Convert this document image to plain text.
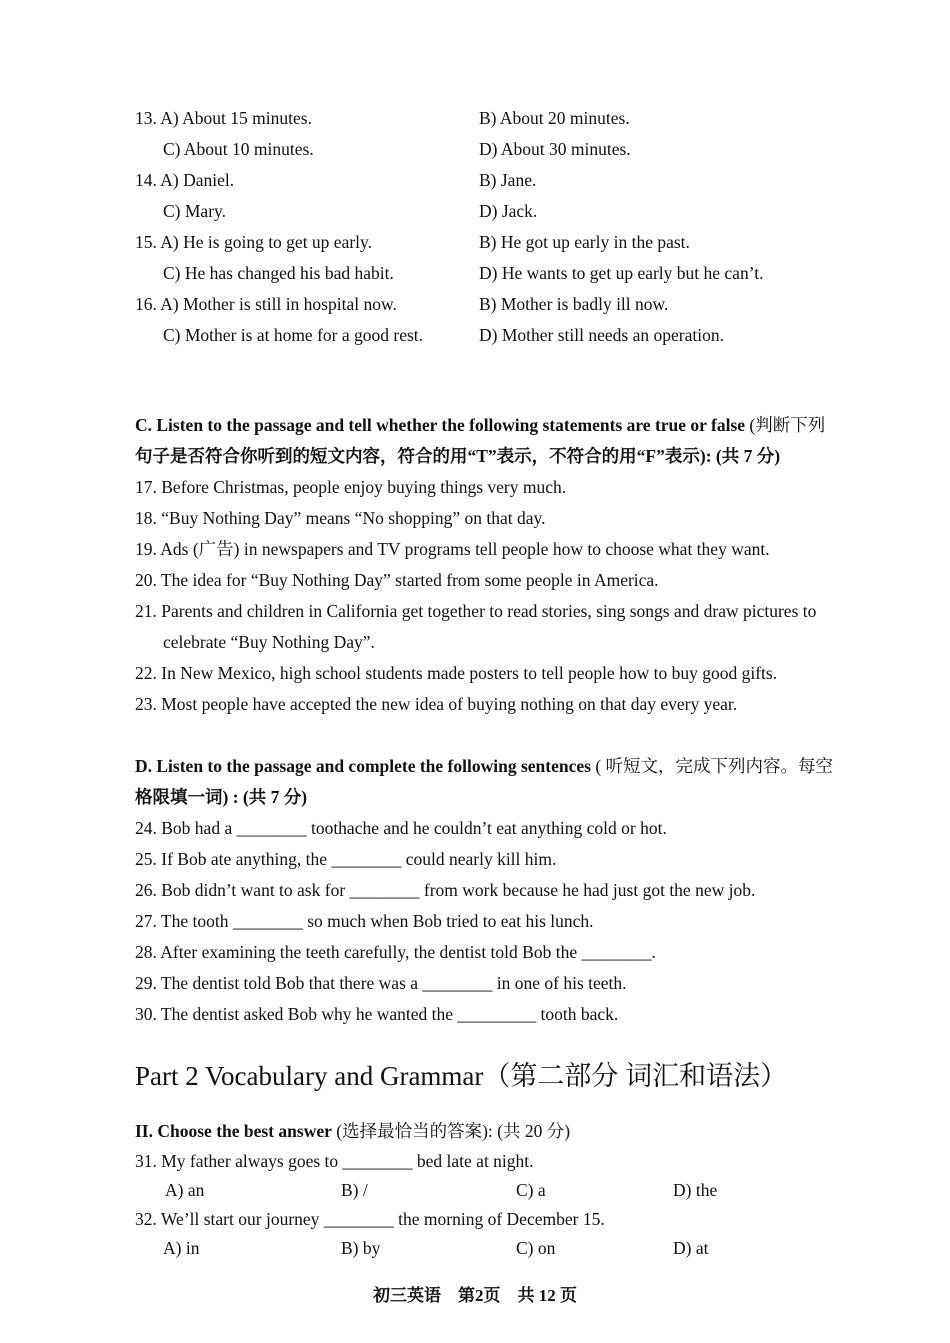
13. A) About 15 minutes.	B) About 20 minutes.
C) About 10 minutes.	D) About 30 minutes.
14. A) Daniel.	B) Jane.
C) Mary.	D) Jack.
15. A) He is going to get up early.	B) He got up early in the past.
C) He has changed his bad habit.	D) He wants to get up early but he can’t.
16. A) Mother is still in hospital now.	B) Mother is badly ill now.
C) Mother is at home for a good rest.	D) Mother still needs an operation.
C. Listen to the passage and tell whether the following statements are true or false (判断下列
句子是否符合你听到的短文内容，符合的用“T”表示，不符合的用“F”表示): (共 7 分)
17. Before Christmas, people enjoy buying things very much.
18. “Buy Nothing Day” means “No shopping” on that day.
19. Ads (广告) in newspapers and TV programs tell people how to choose what they want.
20. The idea for “Buy Nothing Day” started from some people in America.
21. Parents and children in California get together to read stories, sing songs and draw pictures to
celebrate “Buy Nothing Day”.
22. In New Mexico, high school students made posters to tell people how to buy good gifts.
23. Most people have accepted the new idea of buying nothing on that day every year.
D. Listen to the passage and complete the following sentences ( 听短文，完成下列内容。每空
格限填一词) : (共 7 分)
24. Bob had a ________ toothache and he couldn’t eat anything cold or hot.
25. If Bob ate anything, the ________ could nearly kill him.
26. Bob didn’t want to ask for ________ from work because he had just got the new job.
27. The tooth ________ so much when Bob tried to eat his lunch.
28. After examining the teeth carefully, the dentist told Bob the ________.
29. The dentist told Bob that there was a ________ in one of his teeth.
30. The dentist asked Bob why he wanted the _________ tooth back.
Part 2 Vocabulary and Grammar（第二部分 词汇和语法）
II. Choose the best answer (选择最恰当的答案): (共 20 分)
31. My father always goes to ________ bed late at night.
A) an	B) /	C) a	D) the
32. We’ll start our journey ________ the morning of December 15.
A) in	B) by	C) on	D) at
初三英语    第2页    共 12 页
